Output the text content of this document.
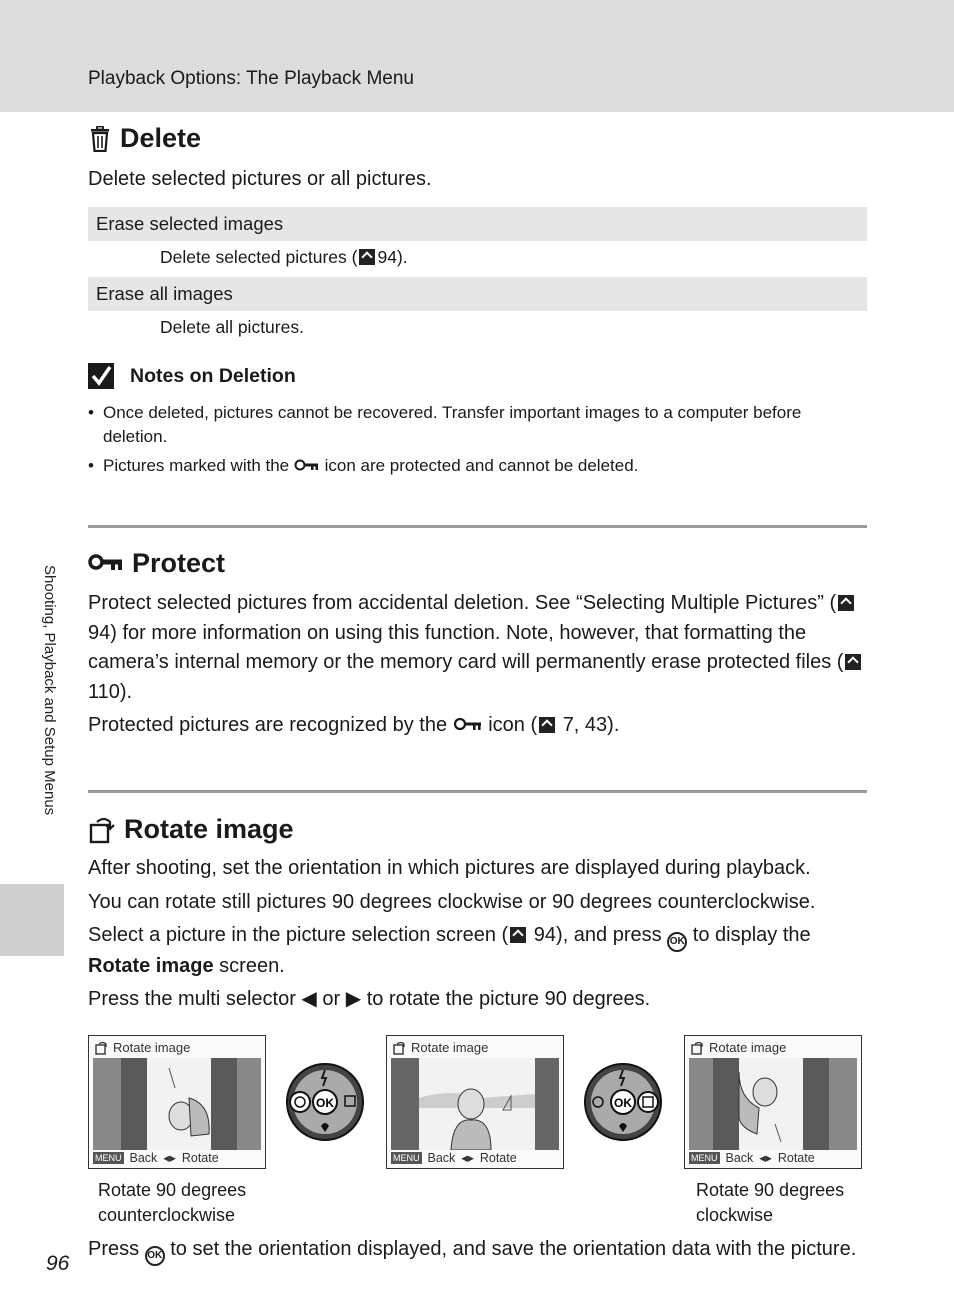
Playback Options: The Playback Menu
Shooting, Playback and Setup Menus
96
Delete
Delete selected pictures or all pictures.
Erase selected images
Delete selected pictures ( 94).
Erase all images
Delete all pictures.
Notes on Deletion
• Once deleted, pictures cannot be recovered. Transfer important images to a computer before deletion.
• Pictures marked with the icon are protected and cannot be deleted.
Protect
Protect selected pictures from accidental deletion. See “Selecting Multiple Pictures” ( 94) for more information on using this function. Note, however, that formatting the camera’s internal memory or the memory card will permanently erase protected files ( 110).
Protected pictures are recognized by the icon ( 7, 43).
Rotate image
After shooting, set the orientation in which pictures are displayed during playback.
You can rotate still pictures 90 degrees clockwise or 90 degrees counterclockwise.
Select a picture in the picture selection screen ( 94), and press OK to display the Rotate image screen.
Press the multi selector ◀ or ▶ to rotate the picture 90 degrees.
Rotate image
MENU Back ◂▸ Rotate
OK
Rotate image
MENU Back ◂▸ Rotate
OK
Rotate image
MENU Back ◂▸ Rotate
Rotate 90 degrees
counterclockwise
Rotate 90 degrees
clockwise
Press OK to set the orientation displayed, and save the orientation data with the picture.
